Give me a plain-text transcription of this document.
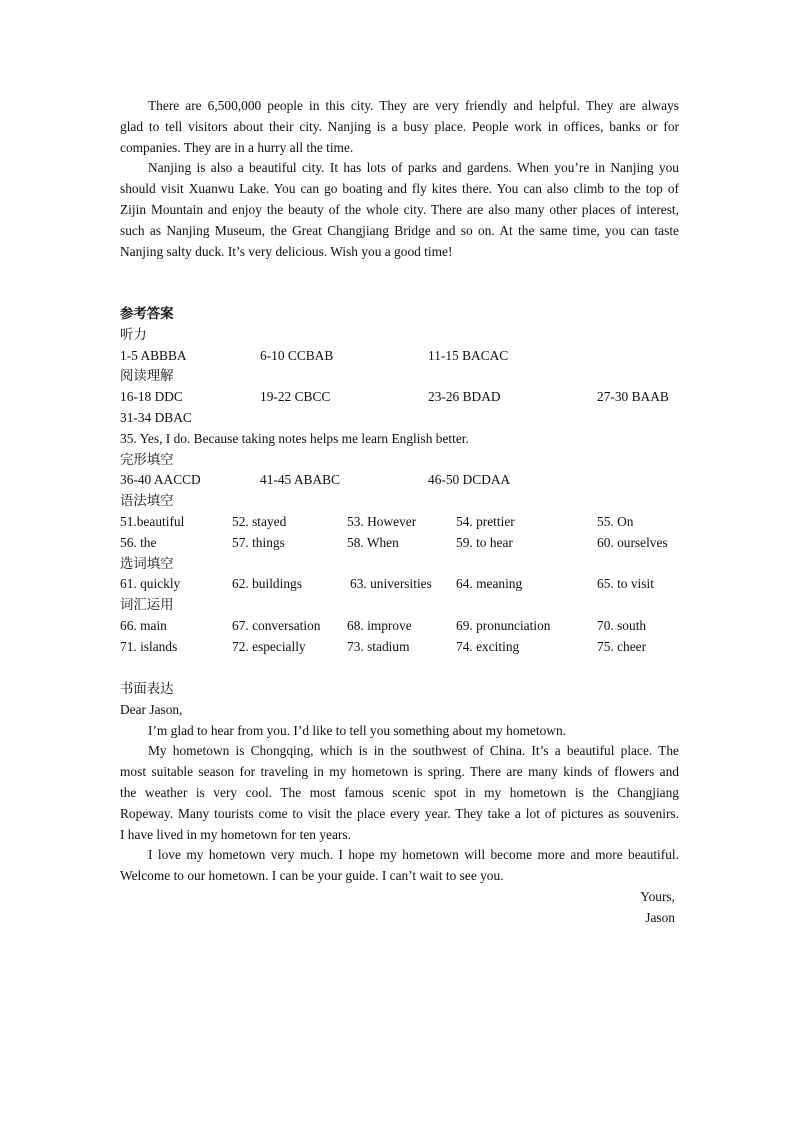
There are 6,500,000 people in this city. They are very friendly and helpful. They are always
glad to tell visitors about their city. Nanjing is a busy place. People work in offices, banks or for
companies. They are in a hurry all the time.
Nanjing is also a beautiful city. It has lots of parks and gardens. When you’re in Nanjing you
should visit Xuanwu Lake. You can go boating and fly kites there. You can also climb to the top of
Zijin Mountain and enjoy the beauty of the whole city. There are also many other places of interest,
such as Nanjing Museum, the Great Changjiang Bridge and so on. At the same time, you can taste
Nanjing salty duck. It’s very delicious. Wish you a good time!
参考答案
听力
1-5 ABBBA	6-10 CCBAB	11-15 BACAC
阅读理解
16-18 DDC	19-22 CBCC	23-26 BDAD	27-30 BAAB
31-34 DBAC
35. Yes, I do. Because taking notes helps me learn English better.
完形填空
36-40 AACCD	41-45 ABABC	46-50 DCDAA
语法填空
51.beautiful	52. stayed	53. However	54. prettier	55. On
56. the	57. things	58. When	59. to hear	60. ourselves
选词填空
61. quickly	62. buildings	63. universities 64. meaning	65. to visit
词汇运用
66. main	67. conversation 68. improve	69. pronunciation	70. south
71. islands	72. especially	73. stadium	74. exciting	75. cheer
书面表达
Dear Jason,
I’m glad to hear from you. I’d like to tell you something about my hometown.
My hometown is Chongqing, which is in the southwest of China. It’s a beautiful place. The
most suitable season for traveling in my hometown is spring. There are many kinds of flowers and
the weather is very cool. The most famous scenic spot in my hometown is the Changjiang
Ropeway. Many tourists come to visit the place every year. They take a lot of pictures as souvenirs.
I have lived in my hometown for ten years.
I love my hometown very much. I hope my hometown will become more and more beautiful.
Welcome to our hometown. I can be your guide. I can’t wait to see you.
Yours,
Jason
